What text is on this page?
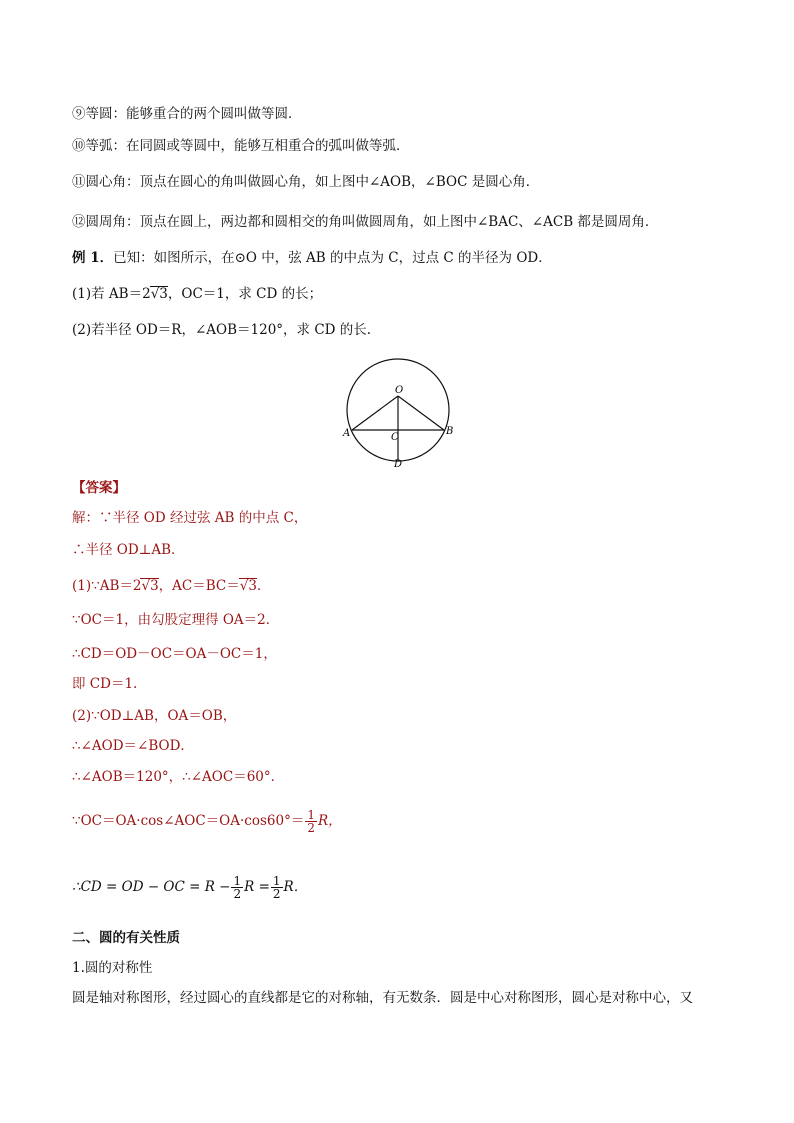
⑨等圆：能够重合的两个圆叫做等圆．
⑩等弧：在同圆或等圆中，能够互相重合的弧叫做等弧．
⑪圆心角：顶点在圆心的角叫做圆心角，如上图中∠AOB，∠BOC 是圆心角．
⑫圆周角：顶点在圆上，两边都和圆相交的角叫做圆周角，如上图中∠BAC、∠ACB 都是圆周角．
例 1．已知：如图所示，在⊙O 中，弦 AB 的中点为 C，过点 C 的半径为 OD．
(1)若 AB＝2√3，OC＝1，求 CD 的长；
(2)若半径 OD＝R，∠AOB＝120°，求 CD 的长.
O
A	B
C
D
【答案】
解：∵半径 OD 经过弦 AB 的中点 C，
∴半径 OD⊥AB．
(1)∵AB＝2√3，AC＝BC＝√3．
∵OC＝1，由勾股定理得 OA＝2．
∴CD＝OD－OC＝OA－OC＝1，
即 CD＝1.
(2)∵OD⊥AB，OA＝OB，
∴∠AOD＝∠BOD．
∴∠AOB＝120°，∴∠AOC＝60°．
∵OC＝OA·cos∠AOC＝OA·cos60°＝ $\frac{1}{2}$ R，
∴CD = OD − OC = $R - \frac{1}{2}$ $R = \frac{1}{2}$ R．
二、圆的有关性质
1.圆的对称性
圆是轴对称图形，经过圆心的直线都是它的对称轴，有无数条．圆是中心对称图形，圆心是对称中心，又
